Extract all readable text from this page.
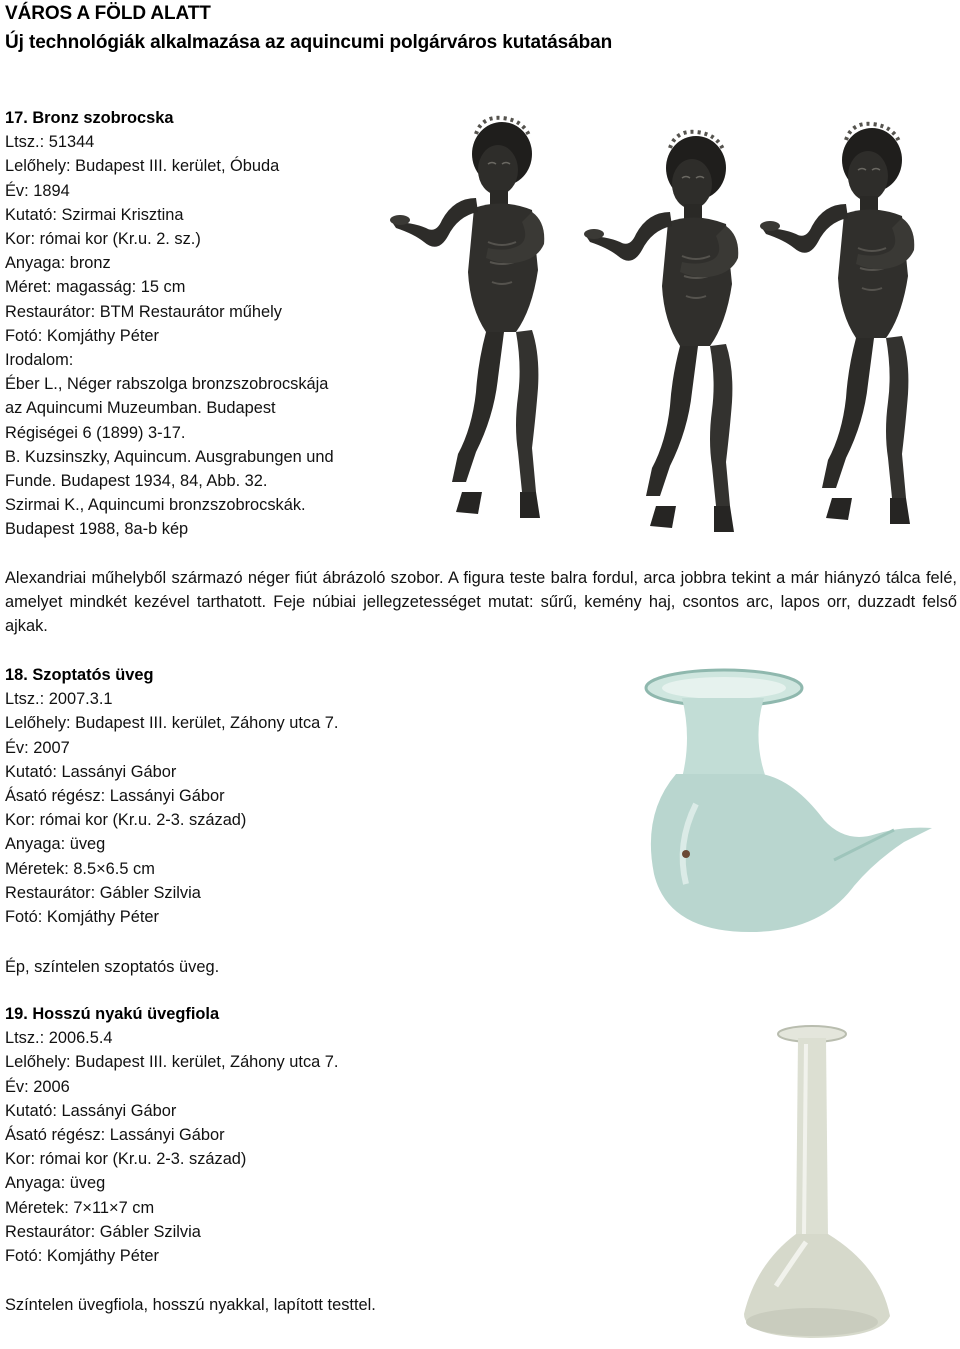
VÁROS A FÖLD ALATT
Új technológiák alkalmazása az aquincumi polgárváros kutatásában
17. Bronz szobrocska
Ltsz.: 51344
Lelőhely: Budapest III. kerület, Óbuda
Év: 1894
Kutató: Szirmai Krisztina
Kor: római kor (Kr.u. 2. sz.)
Anyaga: bronz
Méret: magasság: 15 cm
Restaurátor: BTM Restaurátor műhely
Fotó: Komjáthy Péter
Irodalom:
Éber L., Néger rabszolga bronzszobrocskája
az Aquincumi Muzeumban. Budapest
Régiségei 6 (1899) 3-17.
B. Kuzsinszky, Aquincum. Ausgrabungen und
Funde. Budapest 1934, 84, Abb. 32.
Szirmai K., Aquincumi bronzszobrocskák.
Budapest 1988, 8a-b kép
Alexandriai műhelyből származó néger fiút ábrázoló szobor. A figura teste balra fordul, arca jobbra tekint a már hiányzó tálca felé, amelyet mindkét kezével tarthatott. Feje núbiai jellegzetességet mutat: sűrű, kemény haj, csontos arc, lapos orr, duzzadt felső ajkak.
18. Szoptatós üveg
Ltsz.: 2007.3.1
Lelőhely: Budapest III. kerület, Záhony utca 7.
Év: 2007
Kutató: Lassányi Gábor
Ásató régész: Lassányi Gábor
Kor: római kor (Kr.u. 2-3. század)
Anyaga: üveg
Méretek: 8.5×6.5 cm
Restaurátor: Gábler Szilvia
Fotó: Komjáthy Péter
Ép, színtelen szoptatós üveg.
19. Hosszú nyakú üvegfiola
Ltsz.: 2006.5.4
Lelőhely: Budapest III. kerület, Záhony utca 7.
Év: 2006
Kutató: Lassányi Gábor
Ásató régész: Lassányi Gábor
Kor: római kor (Kr.u. 2-3. század)
Anyaga: üveg
Méretek: 7×11×7 cm
Restaurátor: Gábler Szilvia
Fotó: Komjáthy Péter
Színtelen üvegfiola, hosszú nyakkal, lapított testtel.
